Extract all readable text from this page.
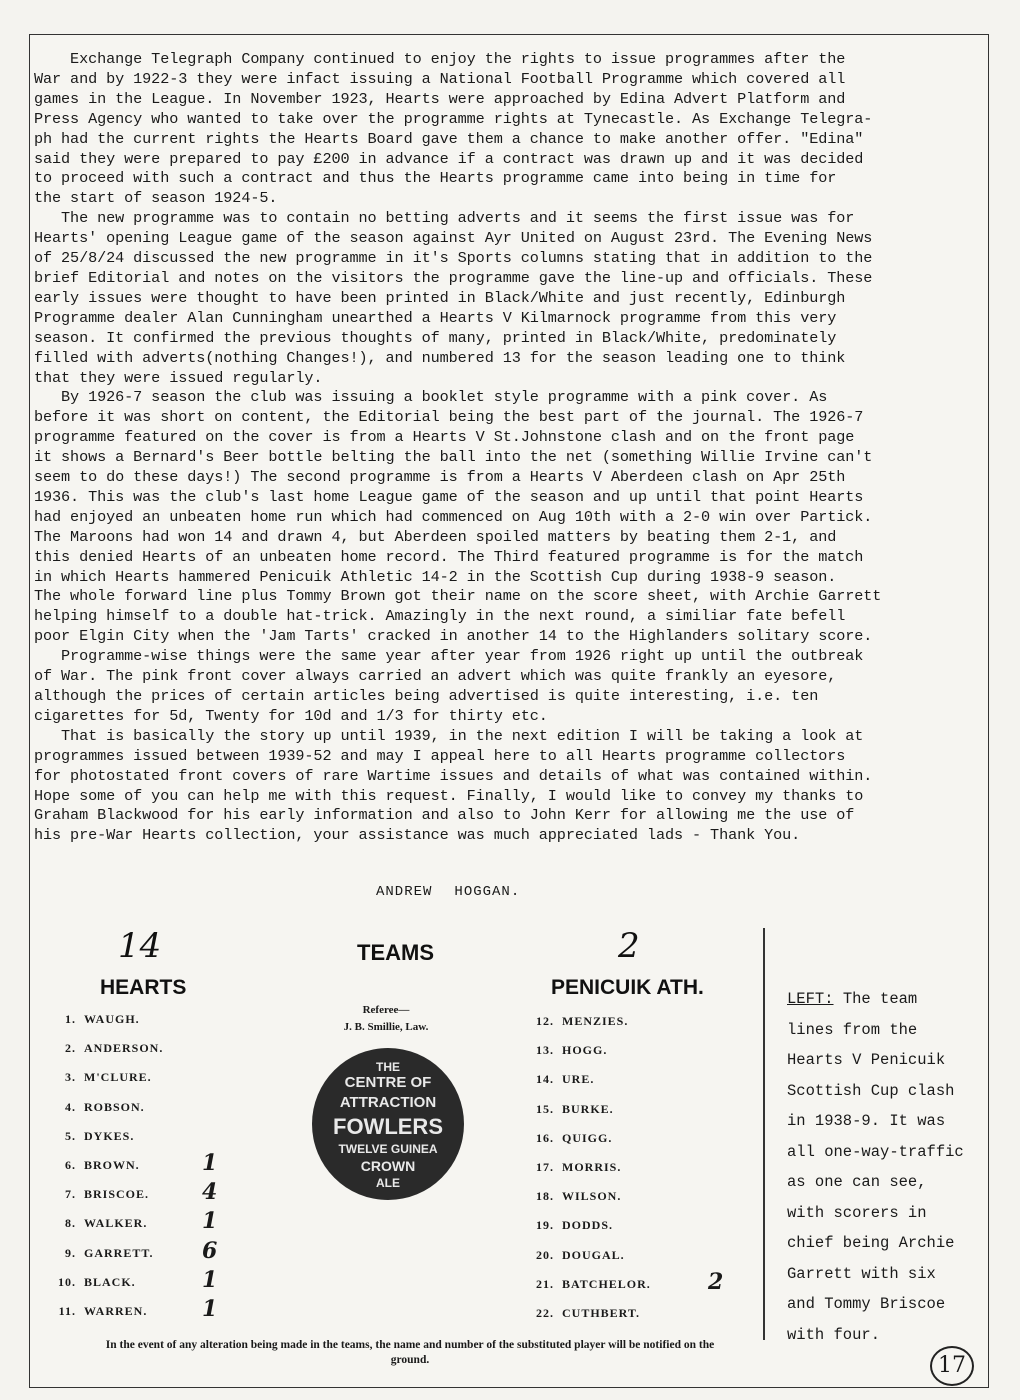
Exchange Telegraph Company continued to enjoy the rights to issue programmes after the
War and by 1922-3 they were infact issuing a National Football Programme which covered all
games in the League. In November 1923, Hearts were approached by Edina Advert Platform and
Press Agency who wanted to take over the programme rights at Tynecastle. As Exchange Telegra-
ph had the current rights the Hearts Board gave them a chance to make another offer. "Edina"
said they were prepared to pay £200 in advance if a contract was drawn up and it was decided
to proceed with such a contract and thus the Hearts programme came into being in time for
the start of season 1924-5.
The new programme was to contain no betting adverts and it seems the first issue was for
Hearts' opening League game of the season against Ayr United on August 23rd. The Evening News
of 25/8/24 discussed the new programme in it's Sports columns stating that in addition to the
brief Editorial and notes on the visitors the programme gave the line-up and officials. These
early issues were thought to have been printed in Black/White and just recently, Edinburgh
Programme dealer Alan Cunningham unearthed a Hearts V Kilmarnock programme from this very
season. It confirmed the previous thoughts of many, printed in Black/White, predominately
filled with adverts(nothing Changes!), and numbered 13 for the season leading one to think
that they were issued regularly.
By 1926-7 season the club was issuing a booklet style programme with a pink cover. As
before it was short on content, the Editorial being the best part of the journal. The 1926-7
programme featured on the cover is from a Hearts V St.Johnstone clash and on the front page
it shows a Bernard's Beer bottle belting the ball into the net (something Willie Irvine can't
seem to do these days!) The second programme is from a Hearts V Aberdeen clash on Apr 25th
1936. This was the club's last home League game of the season and up until that point Hearts
had enjoyed an unbeaten home run which had commenced on Aug 10th with a 2-0 win over Partick.
The Maroons had won 14 and drawn 4, but Aberdeen spoiled matters by beating them 2-1, and
this denied Hearts of an unbeaten home record. The Third featured programme is for the match
in which Hearts hammered Penicuik Athletic 14-2 in the Scottish Cup during 1938-9 season.
The whole forward line plus Tommy Brown got their name on the score sheet, with Archie Garrett
helping himself to a double hat-trick. Amazingly in the next round, a similiar fate befell
poor Elgin City when the 'Jam Tarts' cracked in another 14 to the Highlanders solitary score.
Programme-wise things were the same year after year from 1926 right up until the outbreak
of War. The pink front cover always carried an advert which was quite frankly an eyesore,
although the prices of certain articles being advertised is quite interesting, i.e. ten
cigarettes for 5d, Twenty for 10d and 1/3 for thirty etc.
That is basically the story up until 1939, in the next edition I will be taking a look at
programmes issued between 1939-52 and may I appeal here to all Hearts programme collectors
for photostated front covers of rare Wartime issues and details of what was contained within.
Hope some of you can help me with this request. Finally, I would like to convey my thanks to
Graham Blackwood for his early information and also to John Kerr for allowing me the use of
his pre-War Hearts collection, your assistance was much appreciated lads - Thank You.
ANDREW HOGGAN.
14	TEAMS	2
HEARTS	PENICUIK ATH.
Referee—
J. B. Smillie, Law.
1. WAUGH.
2. ANDERSON.
3. M'CLURE.
4. ROBSON.
5. DYKES.
6. BROWN.	1
7. BRISCOE. 4
8. WALKER. 1
9. GARRETT. 6
10. BLACK.	1
11. WARREN. 1
12. MENZIES.
13. HOGG.
14. URE.
15. BURKE.
16. QUIGG.
17. MORRIS.
18. WILSON.
19. DODDS.
20. DOUGAL.
21. BATCHELOR.	2
22. CUTHBERT.
THE
CENTRE OF
ATTRACTION
FOWLERS
TWELVE GUINEA
CROWN
ALE
In the event of any alteration being made in the teams, the name and number of the substituted player will be notified on the ground.
LEFT: The team
lines from the
Hearts V Penicuik
Scottish Cup clash
in 1938-9. It was
all one-way-traffic
as one can see,
with scorers in
chief being Archie
Garrett with six
and Tommy Briscoe
with four.
17
